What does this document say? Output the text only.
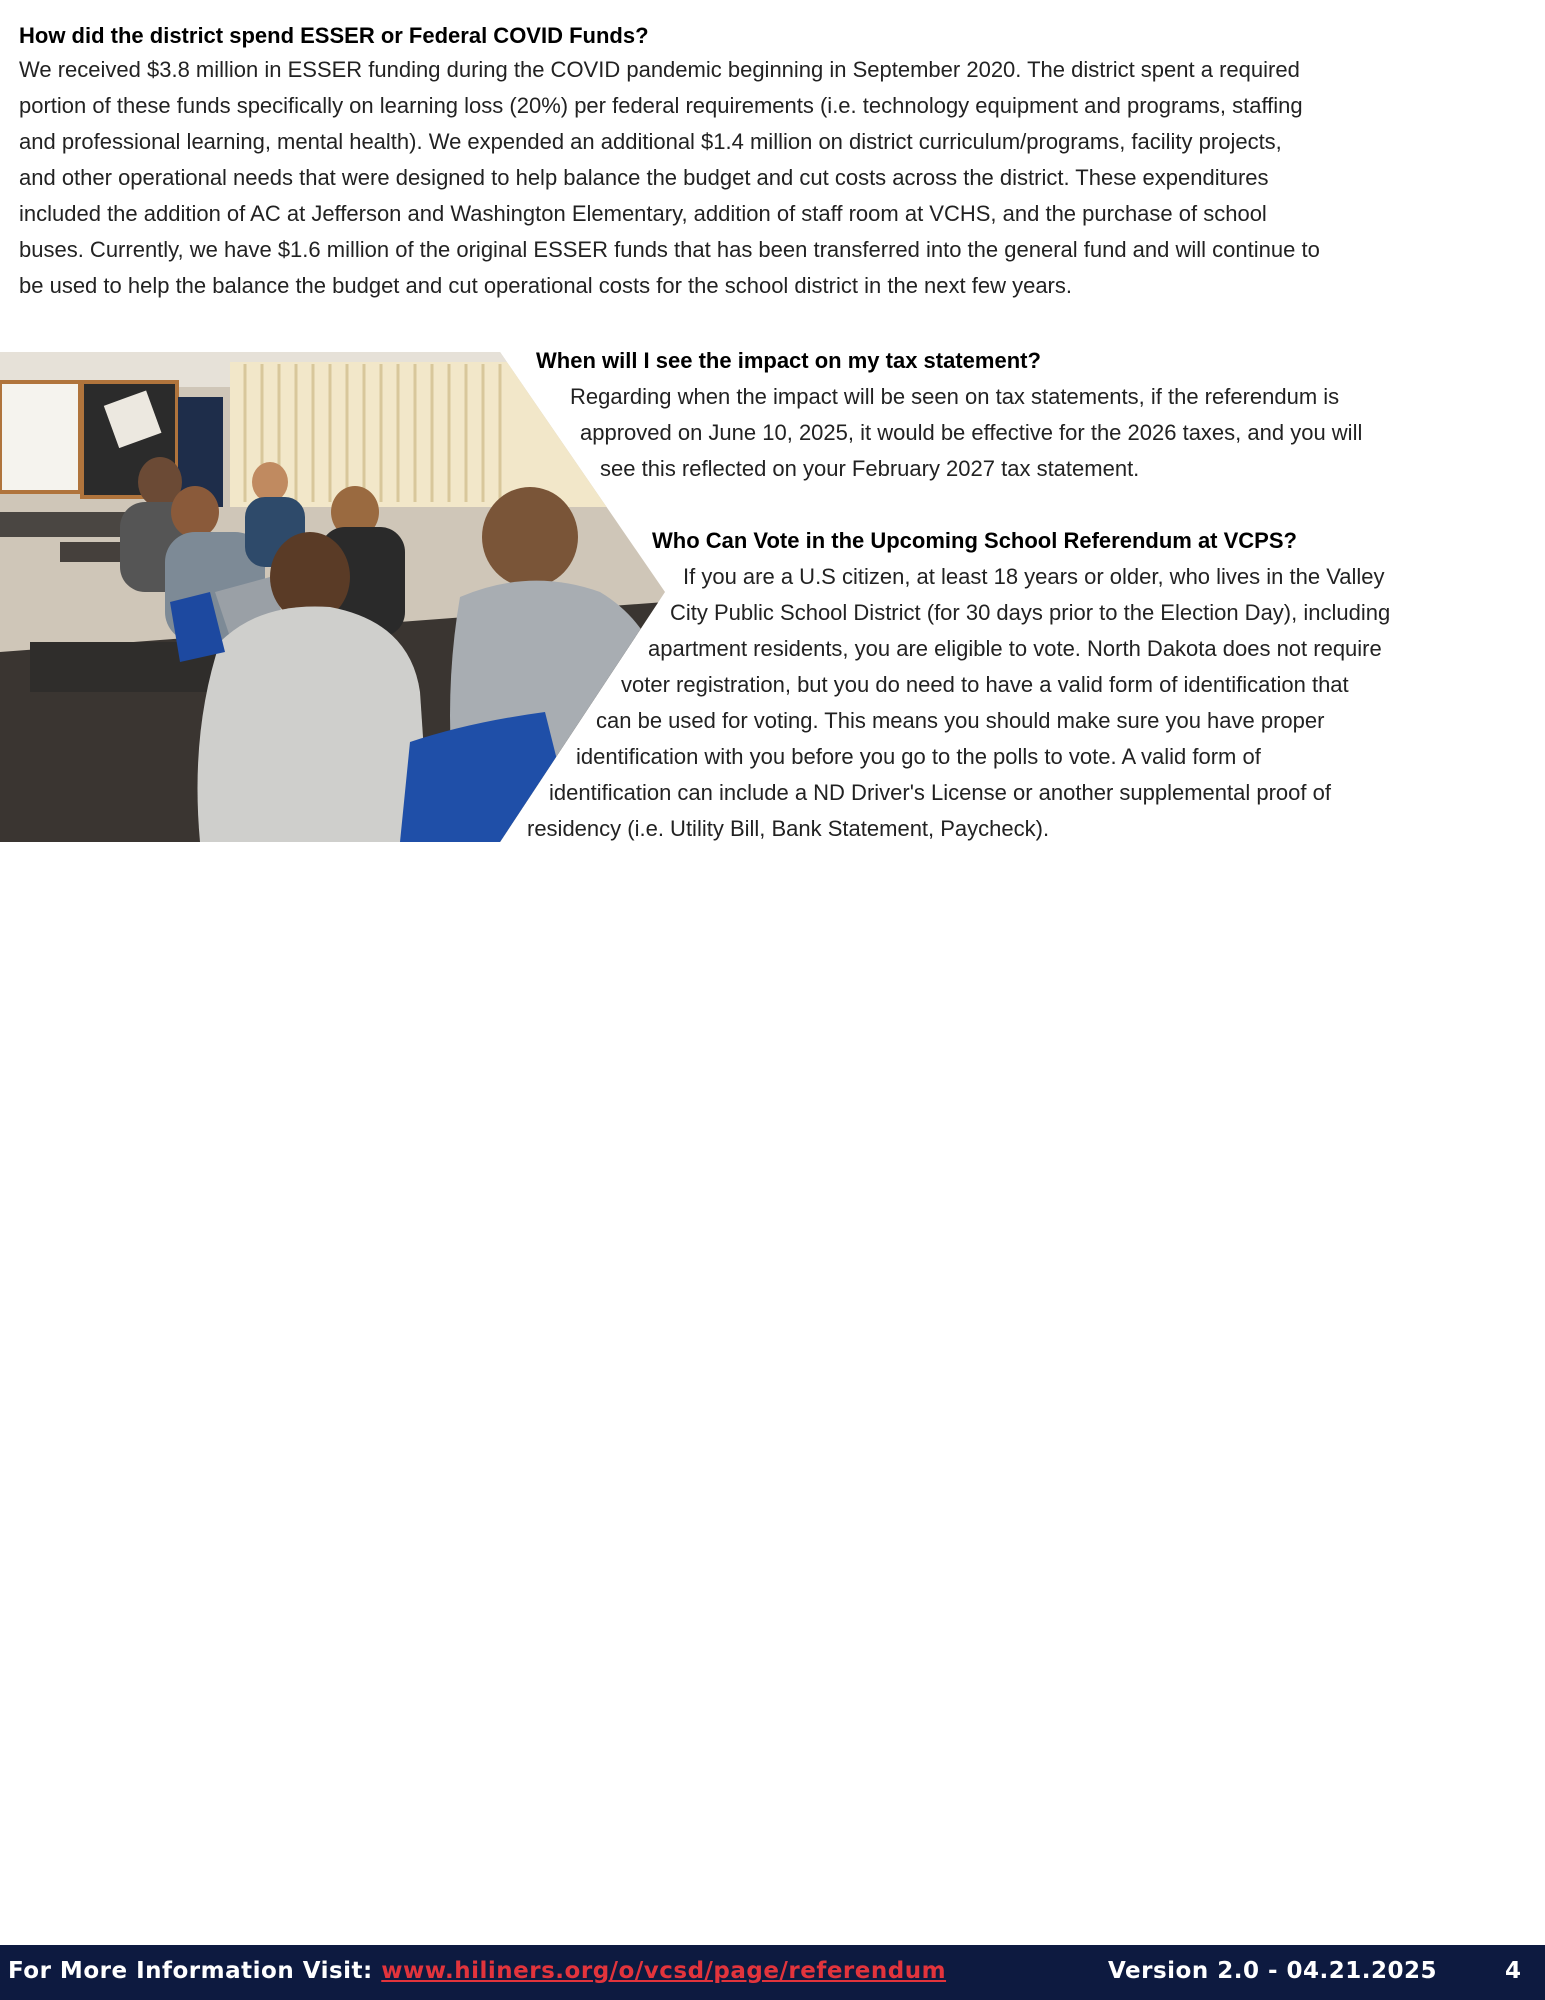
How did the district spend ESSER or Federal COVID Funds?

We received $3.8 million in ESSER funding during the COVID pandemic beginning in September 2020. The district spent a required

portion of these funds specifically on learning loss (20%) per federal requirements (i.e. technology equipment and programs, staffing

and professional learning, mental health). We expended an additional $1.4 million on district curriculum/programs, facility projects,

and other operational needs that were designed to help balance the budget and cut costs across the district. These expenditures

included the addition of AC at Jefferson and Washington Elementary, addition of staff room at VCHS, and the purchase of school

buses. Currently, we have $1.6 million of the original ESSER funds that has been transferred into the general fund and will continue to

be used to help the balance the budget and cut operational costs for the school district in the next few years.

When will I see the impact on my tax statement?
Regarding when the impact will be seen on tax statements, if the referendum is
approved on June 10, 2025, it would be effective for the 2026 taxes, and you will
see this reflected on your February 2027 tax statement.
Who Can Vote in the Upcoming School Referendum at VCPS?
If you are a U.S citizen, at least 18 years or older, who lives in the Valley
City Public School District (for 30 days prior to the Election Day), including
apartment residents, you are eligible to vote. North Dakota does not require
voter registration, but you do need to have a valid form of identification that
can be used for voting. This means you should make sure you have proper
identification with you before you go to the polls to vote. A valid form of
identification can include a ND Driver's License or another supplemental proof of
residency (i.e. Utility Bill, Bank Statement, Paycheck).
For More Information Visit: www.hiliners.org/o/vcsd/page/referendum	Version 2.0 - 04.21.2025	4
